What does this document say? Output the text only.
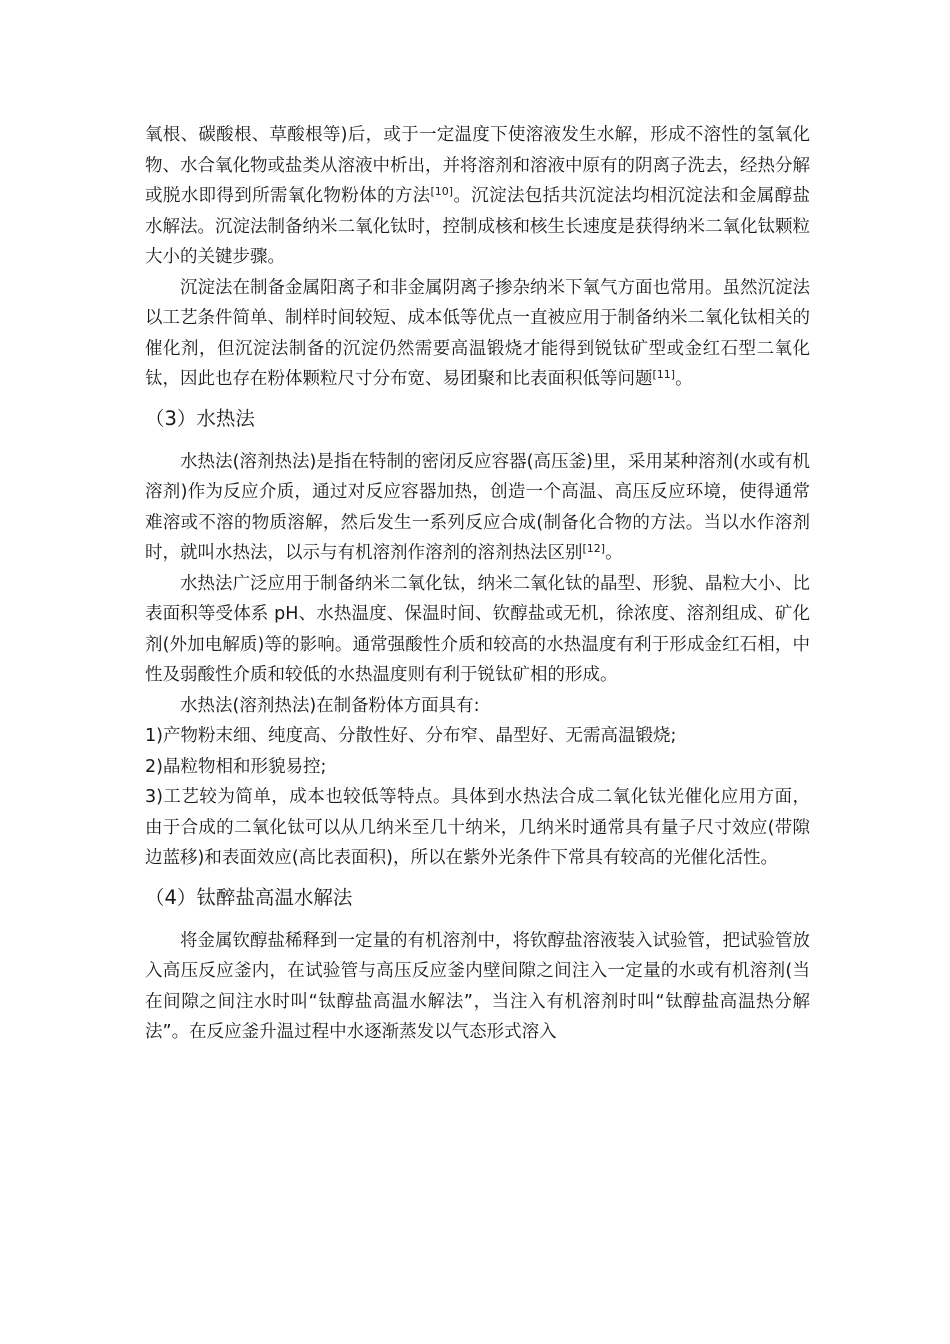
氧根、碳酸根、草酸根等)后，或于一定温度下使溶液发生水解，形成不溶性的氢氧化物、水合氧化物或盐类从溶液中析出，并将溶剂和溶液中原有的阴离子洗去，经热分解或脱水即得到所需氧化物粉体的方法[10]。沉淀法包括共沉淀法均相沉淀法和金属醇盐水解法。沉淀法制备纳米二氧化钛时，控制成核和核生长速度是获得纳米二氧化钛颗粒大小的关键步骤。

沉淀法在制备金属阳离子和非金属阴离子掺杂纳米下氧气方面也常用。虽然沉淀法以工艺条件简单、制样时间较短、成本低等优点一直被应用于制备纳米二氧化钛相关的催化剂，但沉淀法制备的沉淀仍然需要高温锻烧才能得到锐钛矿型或金红石型二氧化钛，因此也存在粉体颗粒尺寸分布宽、易团聚和比表面积低等问题[11]。

（3）水热法

水热法(溶剂热法)是指在特制的密闭反应容器(高压釜)里，采用某种溶剂(水或有机溶剂)作为反应介质，通过对反应容器加热，创造一个高温、高压反应环境，使得通常难溶或不溶的物质溶解，然后发生一系列反应合成(制备化合物的方法。当以水作溶剂时，就叫水热法，以示与有机溶剂作溶剂的溶剂热法区别[12]。

水热法广泛应用于制备纳米二氧化钛，纳米二氧化钛的晶型、形貌、晶粒大小、比表面积等受体系 pH、水热温度、保温时间、钦醇盐或无机，徐浓度、溶剂组成、矿化剂(外加电解质)等的影响。通常强酸性介质和较高的水热温度有利于形成金红石相，中性及弱酸性介质和较低的水热温度则有利于锐钛矿相的形成。

水热法(溶剂热法)在制备粉体方面具有:

1)产物粉末细、纯度高、分散性好、分布窄、晶型好、无需高温锻烧;

2)晶粒物相和形貌易控;

3)工艺较为简单，成本也较低等特点。具体到水热法合成二氧化钛光催化应用方面，由于合成的二氧化钛可以从几纳米至几十纳米，几纳米时通常具有量子尺寸效应(带隙边蓝移)和表面效应(高比表面积)，所以在紫外光条件下常具有较高的光催化活性。

（4）钛醉盐高温水解法

将金属钦醇盐稀释到一定量的有机溶剂中，将钦醇盐溶液装入试验管，把试验管放入高压反应釜内，在试验管与高压反应釜内壁间隙之间注入一定量的水或有机溶剂(当在间隙之间注水时叫“钛醇盐高温水解法”，当注入有机溶剂时叫“钛醇盐高温热分解法”。在反应釜升温过程中水逐渐蒸发以气态形式溶入
